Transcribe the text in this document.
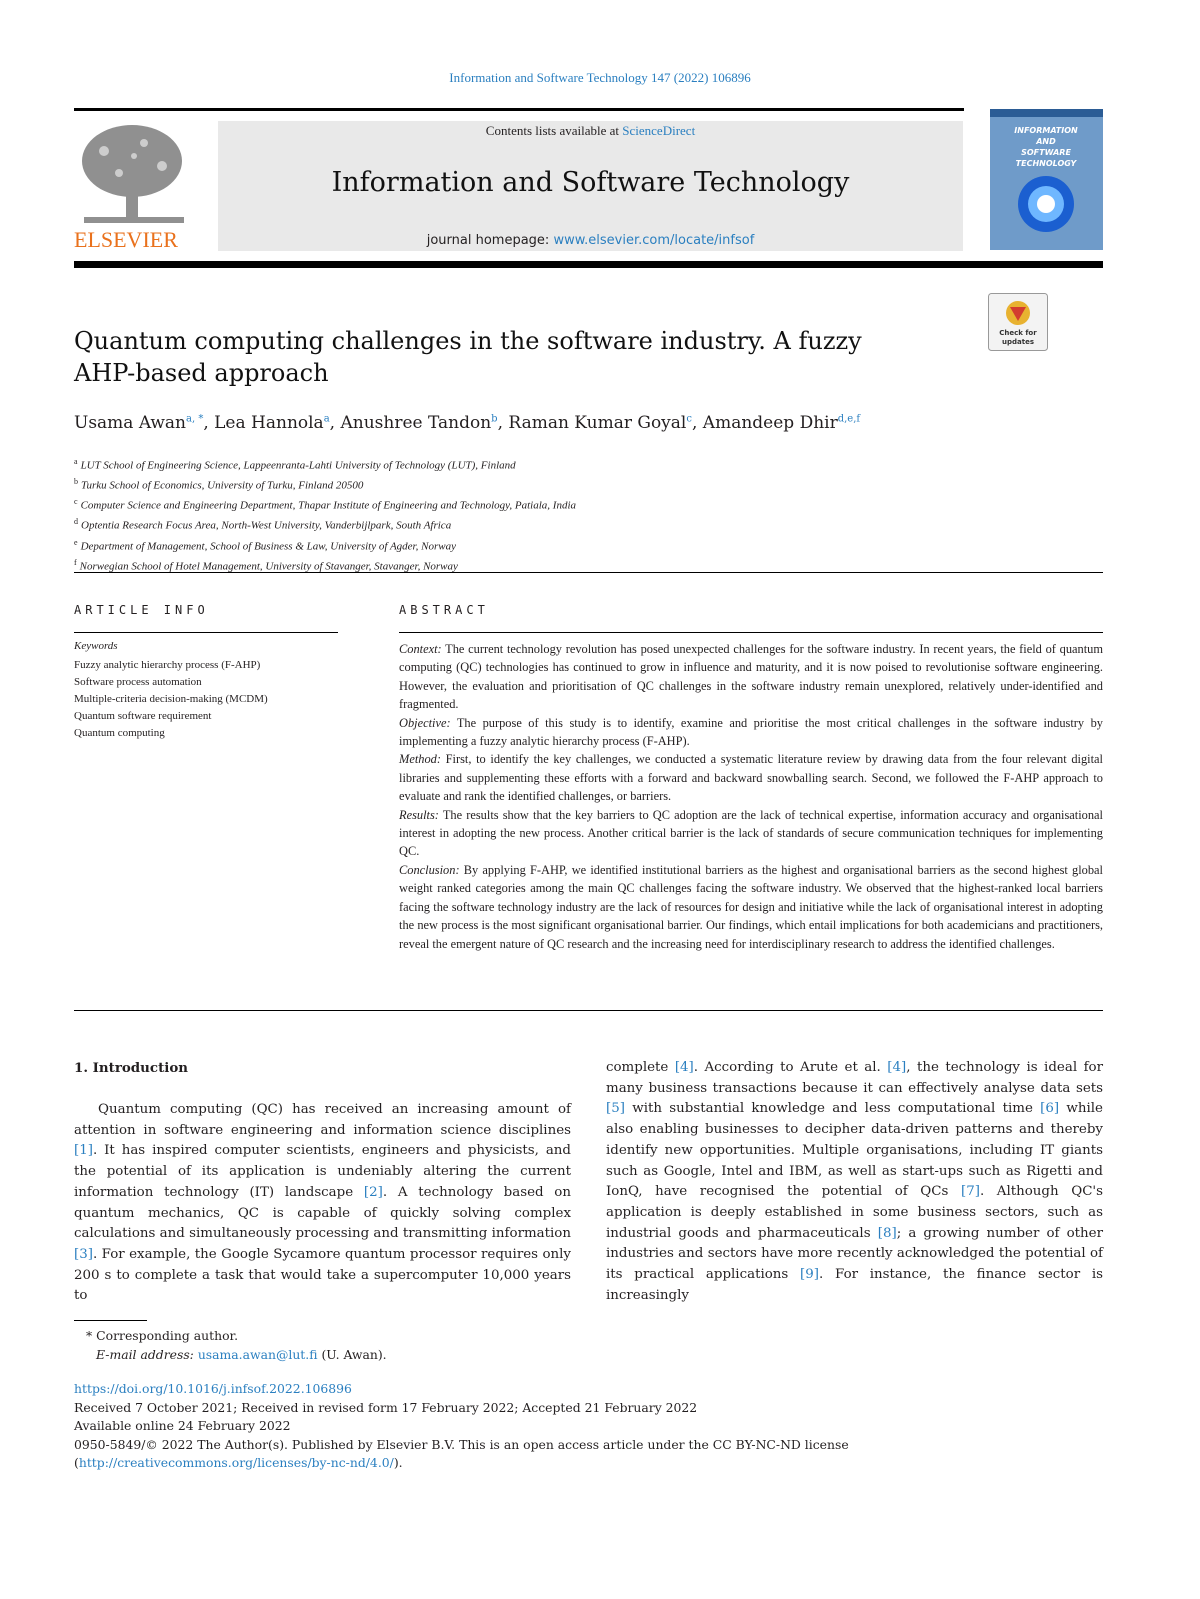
Information and Software Technology 147 (2022) 106896
ELSEVIER
Contents lists available at ScienceDirect
Information and Software Technology
journal homepage: www.elsevier.com/locate/infsof
INFORMATION
AND
SOFTWARE
TECHNOLOGY
Check for
updates
Quantum computing challenges in the software industry. A fuzzy AHP-based approach
Usama Awan$^{a, *}$, Lea Hannola$^a$, Anushree Tandon$^b$, Raman Kumar Goyal$^c$, Amandeep Dhir$^{d,e,f}$
$^a$ LUT School of Engineering Science, Lappeenranta-Lahti University of Technology (LUT), Finland
$^b$ Turku School of Economics, University of Turku, Finland 20500
$^c$ Computer Science and Engineering Department, Thapar Institute of Engineering and Technology, Patiala, India
$^d$ Optentia Research Focus Area, North-West University, Vanderbijlpark, South Africa
$^e$ Department of Management, School of Business & Law, University of Agder, Norway
$^f$ Norwegian School of Hotel Management, University of Stavanger, Stavanger, Norway
ARTICLE INFO
Keywords
Fuzzy analytic hierarchy process (F-AHP)
Software process automation
Multiple-criteria decision-making (MCDM)
Quantum software requirement
Quantum computing
ABSTRACT

Context: The current technology revolution has posed unexpected challenges for the software industry. In recent years, the field of quantum computing (QC) technologies has continued to grow in influence and maturity, and it is now poised to revolutionise software engineering. However, the evaluation and prioritisation of QC challenges in the software industry remain unexplored, relatively under-identified and fragmented.

Objective: The purpose of this study is to identify, examine and prioritise the most critical challenges in the software industry by implementing a fuzzy analytic hierarchy process (F-AHP).

Method: First, to identify the key challenges, we conducted a systematic literature review by drawing data from the four relevant digital libraries and supplementing these efforts with a forward and backward snowballing search. Second, we followed the F-AHP approach to evaluate and rank the identified challenges, or barriers.

Results: The results show that the key barriers to QC adoption are the lack of technical expertise, information accuracy and organisational interest in adopting the new process. Another critical barrier is the lack of standards of secure communication techniques for implementing QC.

Conclusion: By applying F-AHP, we identified institutional barriers as the highest and organisational barriers as the second highest global weight ranked categories among the main QC challenges facing the software industry. We observed that the highest-ranked local barriers facing the software technology industry are the lack of resources for design and initiative while the lack of organisational interest in adopting the new process is the most significant organisational barrier. Our findings, which entail implications for both academicians and practitioners, reveal the emergent nature of QC research and the increasing need for interdisciplinary research to address the identified challenges.

1. Introduction

Quantum computing (QC) has received an increasing amount of attention in software engineering and information science disciplines [1]. It has inspired computer scientists, engineers and physicists, and the potential of its application is undeniably altering the current information technology (IT) landscape [2]. A technology based on quantum mechanics, QC is capable of quickly solving complex calculations and simultaneously processing and transmitting information [3]. For example, the Google Sycamore quantum processor requires only 200 s to complete a task that would take a supercomputer 10,000 years to

complete [4]. According to Arute et al. [4], the technology is ideal for many business transactions because it can effectively analyse data sets [5] with substantial knowledge and less computational time [6] while also enabling businesses to decipher data-driven patterns and thereby identify new opportunities. Multiple organisations, including IT giants such as Google, Intel and IBM, as well as start-ups such as Rigetti and IonQ, have recognised the potential of QCs [7]. Although QC's application is deeply established in some business sectors, such as industrial goods and pharmaceuticals [8]; a growing number of other industries and sectors have more recently acknowledged the potential of its practical applications [9]. For instance, the finance sector is increasingly

* Corresponding author.
E-mail address: usama.awan@lut.fi (U. Awan).
https://doi.org/10.1016/j.infsof.2022.106896
Received 7 October 2021; Received in revised form 17 February 2022; Accepted 21 February 2022
Available online 24 February 2022
0950-5849/© 2022 The Author(s). Published by Elsevier B.V. This is an open access article under the CC BY-NC-ND license (http://creativecommons.org/licenses/by-nc-nd/4.0/).
